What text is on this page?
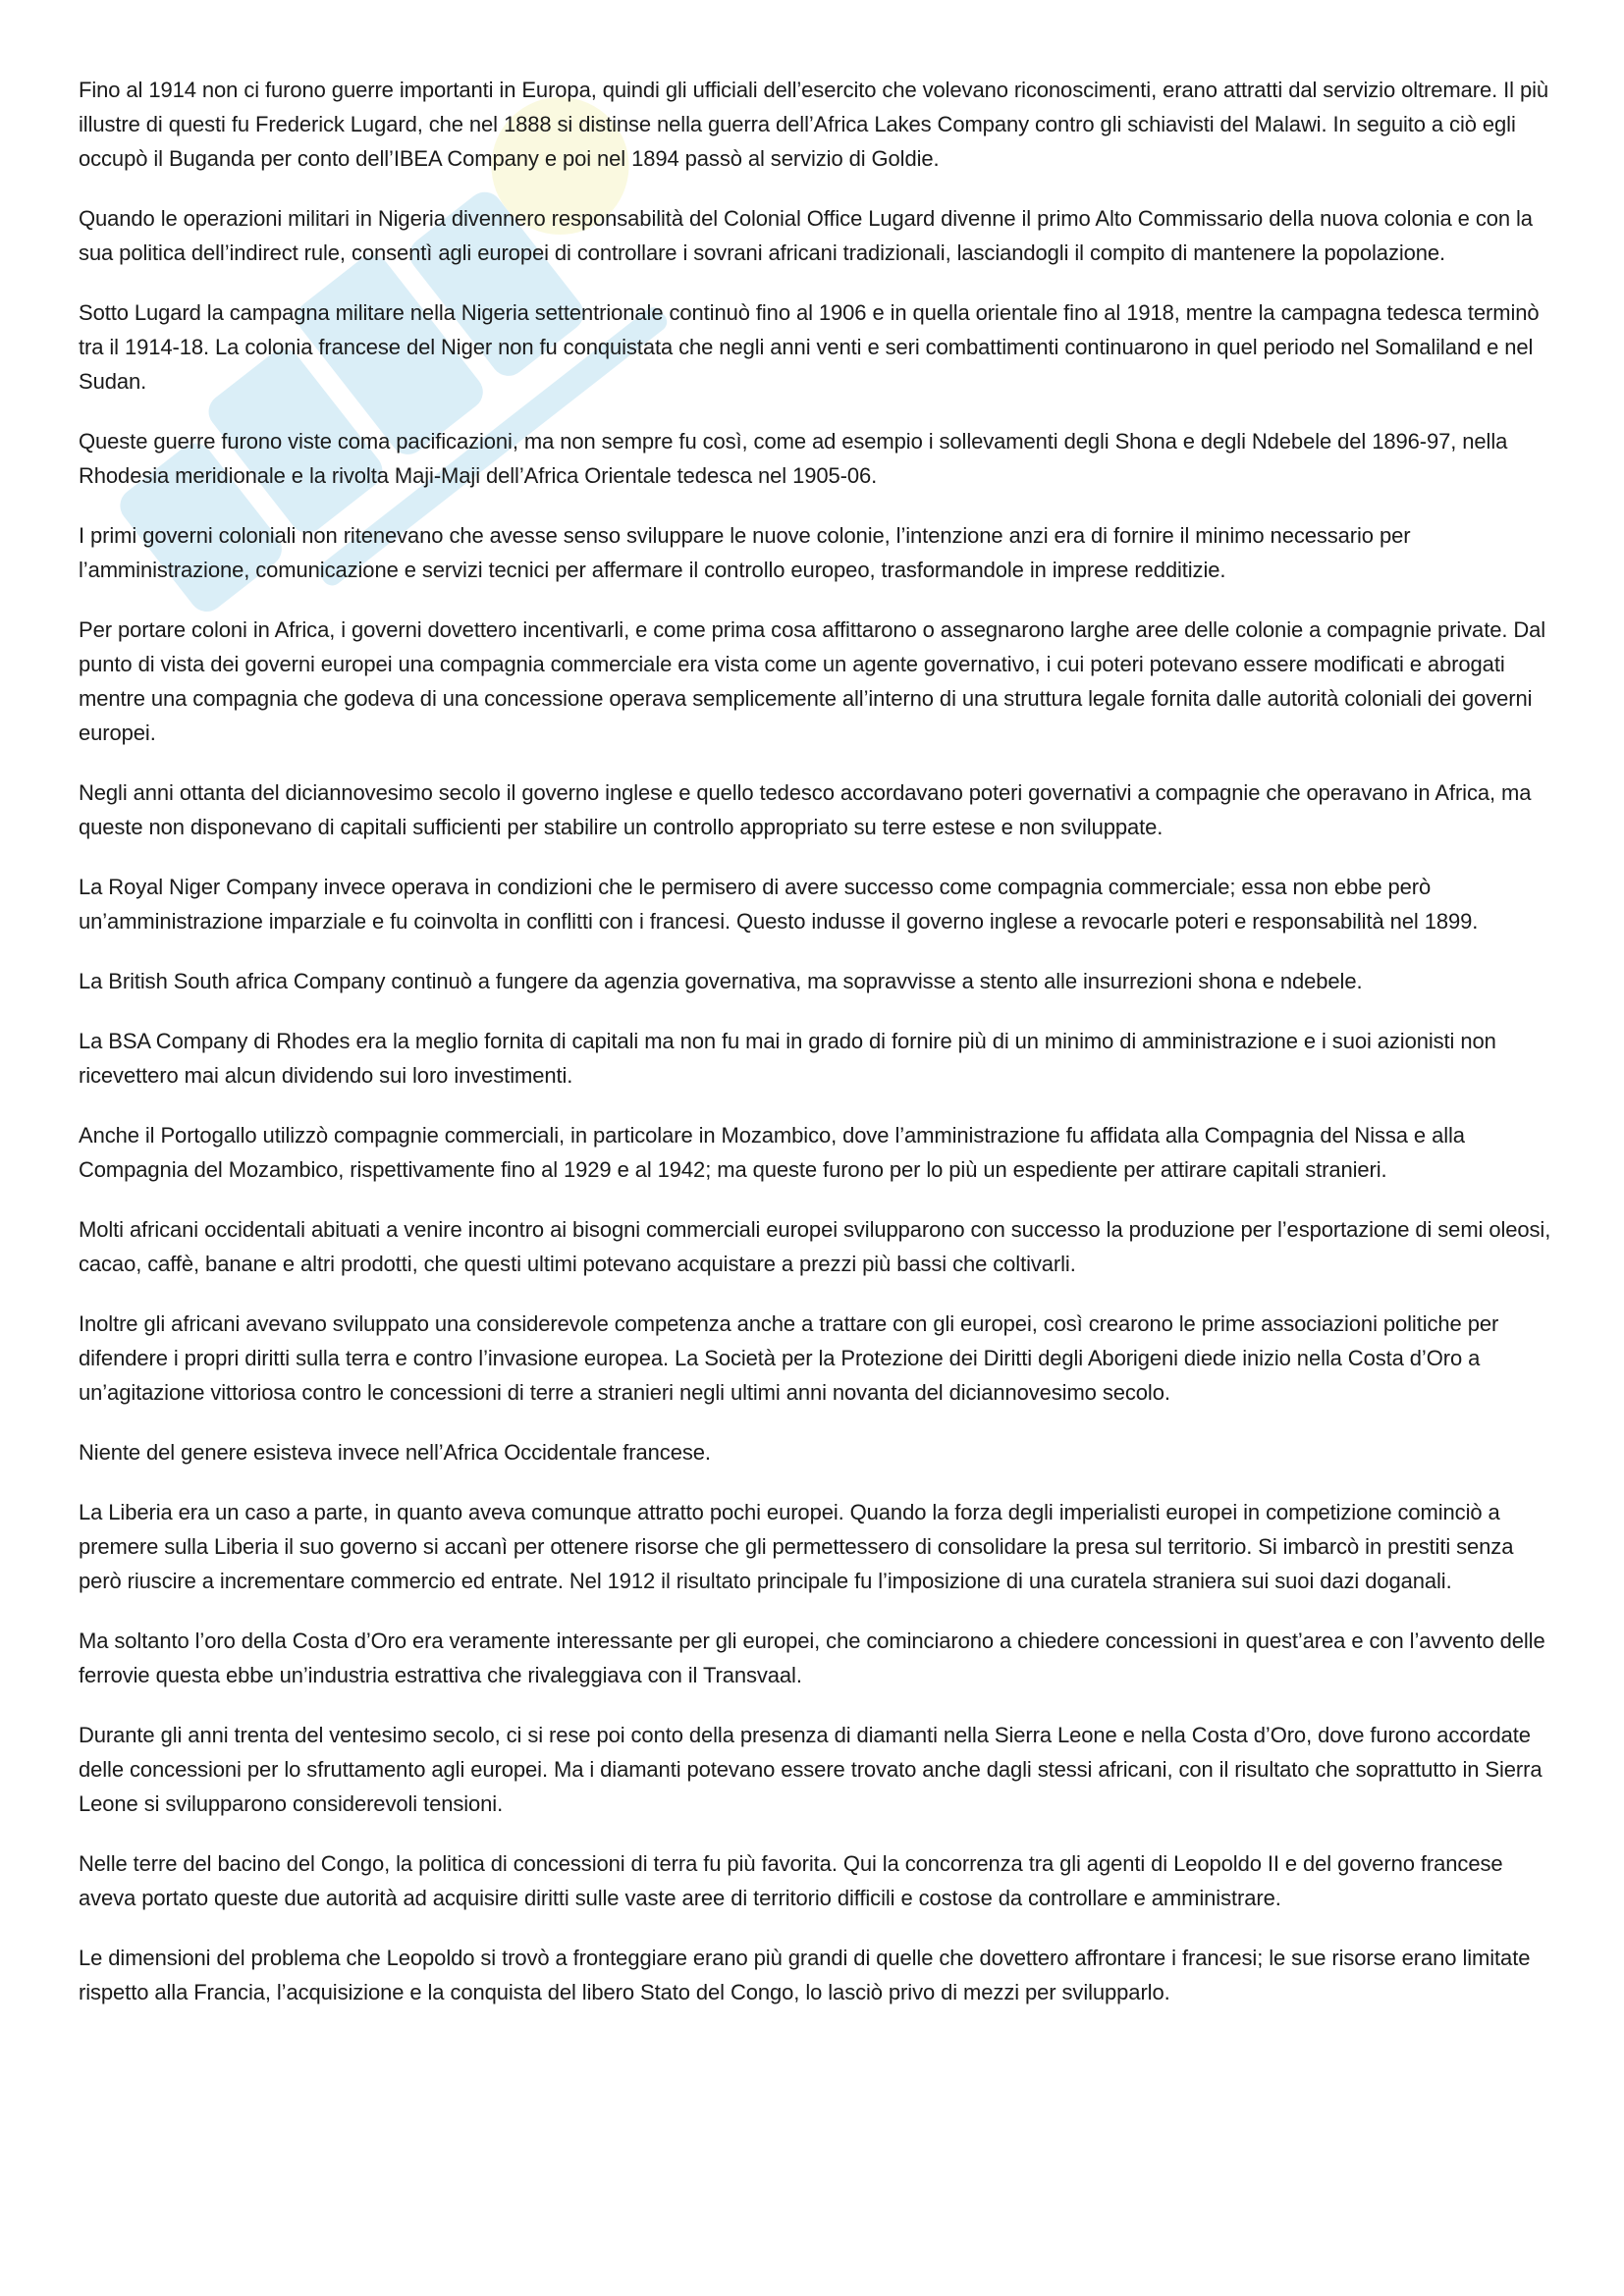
Fino al 1914 non ci furono guerre importanti in Europa, quindi gli ufficiali dell’esercito che volevano riconoscimenti, erano attratti dal servizio oltremare. Il più illustre di questi fu Frederick Lugard, che nel 1888 si distinse nella guerra dell’Africa Lakes Company contro gli schiavisti del Malawi. In seguito a ciò egli occupò il Buganda per conto dell’IBEA Company e poi nel 1894 passò al servizio di Goldie.

Quando le operazioni militari in Nigeria divennero responsabilità del Colonial Office Lugard divenne il primo Alto Commissario della nuova colonia e con la sua politica dell’indirect rule, consentì agli europei di controllare i sovrani africani tradizionali, lasciandogli il compito di mantenere la popolazione.

Sotto Lugard la campagna militare nella Nigeria settentrionale continuò fino al 1906 e in quella orientale fino al 1918, mentre la campagna tedesca terminò tra il 1914-18. La colonia francese del Niger non fu conquistata che negli anni venti e seri combattimenti continuarono in quel periodo nel Somaliland e nel Sudan.

Queste guerre furono viste coma pacificazioni, ma non sempre fu così, come ad esempio i sollevamenti degli Shona e degli Ndebele del 1896-97, nella Rhodesia meridionale e la rivolta Maji-Maji dell’Africa Orientale tedesca nel 1905-06.

I primi governi coloniali non ritenevano che avesse senso sviluppare le nuove colonie, l’intenzione anzi era di fornire il minimo necessario per l’amministrazione, comunicazione e servizi tecnici per affermare il controllo europeo, trasformandole in imprese redditizie.

Per portare coloni in Africa, i governi dovettero incentivarli, e come prima cosa affittarono o assegnarono larghe aree delle colonie a compagnie private. Dal punto di vista dei governi europei una compagnia commerciale era vista come un agente governativo, i cui poteri potevano essere modificati e abrogati mentre una compagnia che godeva di una concessione operava semplicemente all’interno di una struttura legale fornita dalle autorità coloniali dei governi europei.

Negli anni ottanta del diciannovesimo secolo il governo inglese e quello tedesco accordavano poteri governativi a compagnie che operavano in Africa, ma queste non disponevano di capitali sufficienti per stabilire un controllo appropriato su terre estese e non sviluppate.

La Royal Niger Company invece operava in condizioni che le permisero di avere successo come compagnia commerciale; essa non ebbe però un’amministrazione imparziale e fu coinvolta in conflitti con i francesi. Questo indusse il governo inglese a revocarle poteri e responsabilità nel 1899.

La British South africa Company continuò a fungere da agenzia governativa, ma sopravvisse a stento alle insurrezioni shona e ndebele.

La BSA Company di Rhodes era la meglio fornita di capitali ma non fu mai in grado di fornire più di un minimo di amministrazione e i suoi azionisti non ricevettero mai alcun dividendo sui loro investimenti.

Anche il Portogallo utilizzò compagnie commerciali, in particolare in Mozambico, dove l’amministrazione fu affidata alla Compagnia del Nissa e alla Compagnia del Mozambico, rispettivamente fino al 1929 e al 1942; ma queste furono per lo più un espediente per attirare capitali stranieri.

Molti africani occidentali abituati a venire incontro ai bisogni commerciali europei svilupparono con successo la produzione per l’esportazione di semi oleosi, cacao, caffè, banane e altri prodotti, che questi ultimi potevano acquistare a prezzi più bassi che coltivarli.

Inoltre gli africani avevano sviluppato una considerevole competenza anche a trattare con gli europei, così crearono le prime associazioni politiche per difendere i propri diritti sulla terra e contro l’invasione europea. La Società per la Protezione dei Diritti degli Aborigeni diede inizio nella Costa d’Oro a un’agitazione vittoriosa contro le concessioni di terre a stranieri negli ultimi anni novanta del diciannovesimo secolo.

Niente del genere esisteva invece nell’Africa Occidentale francese.

La Liberia era un caso a parte, in quanto aveva comunque attratto pochi europei. Quando la forza degli imperialisti europei in competizione cominciò a premere sulla Liberia il suo governo si accanì per ottenere risorse che gli permettessero di consolidare la presa sul territorio. Si imbarcò in prestiti senza però riuscire a incrementare commercio ed entrate. Nel 1912 il risultato principale fu l’imposizione di una curatela straniera sui suoi dazi doganali.

Ma soltanto l’oro della Costa d’Oro era veramente interessante per gli europei, che cominciarono a chiedere concessioni in quest’area e con l’avvento delle ferrovie questa ebbe un’industria estrattiva che rivaleggiava con il Transvaal.

Durante gli anni trenta del ventesimo secolo, ci si rese poi conto della presenza di diamanti nella Sierra Leone e nella Costa d’Oro, dove furono accordate delle concessioni per lo sfruttamento agli europei. Ma i diamanti potevano essere trovato anche dagli stessi africani, con il risultato che soprattutto in Sierra Leone si svilupparono considerevoli tensioni.

Nelle terre del bacino del Congo, la politica di concessioni di terra fu più favorita. Qui la concorrenza tra gli agenti di Leopoldo II e del governo francese aveva portato queste due autorità ad acquisire diritti sulle vaste aree di territorio difficili e costose da controllare e amministrare.

Le dimensioni del problema che Leopoldo si trovò a fronteggiare erano più grandi di quelle che dovettero affrontare i francesi; le sue risorse erano limitate rispetto alla Francia, l’acquisizione e la conquista del libero Stato del Congo, lo lasciò privo di mezzi per svilupparlo.
